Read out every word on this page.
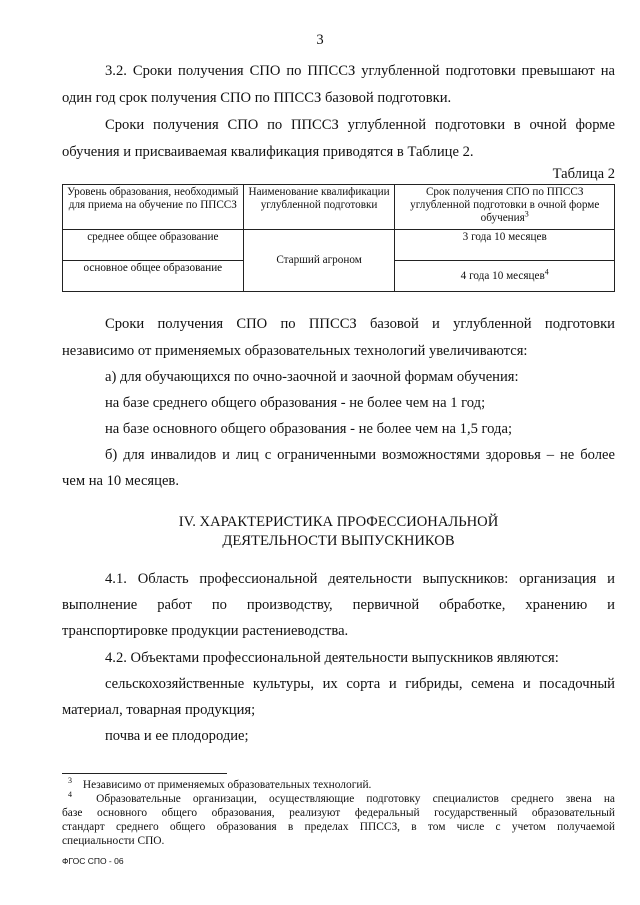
3
3.2. Сроки получения СПО по ППССЗ углубленной подготовки превышают на
один год срок получения СПО по ППССЗ базовой подготовки.
Сроки получения СПО по ППССЗ углубленной подготовки в очной форме
обучения и присваиваемая квалификация приводятся в Таблице 2.
Таблица 2
Уровень образования, необходимый для приема на обучение по ППССЗ	Наименование квалификации углубленной подготовки	Срок получения СПО по ППССЗ углубленной подготовки в очной форме обучения$^3$
среднее общее образование	Старший агроном	3 года 10 месяцев
основное общее образование		4 года 10 месяцев$^4$
Сроки получения СПО по ППССЗ базовой и углубленной подготовки
независимо от применяемых образовательных технологий увеличиваются:
а) для обучающихся по очно-заочной и заочной формам обучения:
на базе среднего общего образования - не более чем на 1 год;
на базе основного общего образования - не более чем на 1,5 года;
б) для инвалидов и лиц с ограниченными возможностями здоровья – не более
чем на 10 месяцев.
IV. ХАРАКТЕРИСТИКА ПРОФЕССИОНАЛЬНОЙ
ДЕЯТЕЛЬНОСТИ ВЫПУСКНИКОВ
4.1. Область профессиональной деятельности выпускников: организация и
выполнение работ по производству, первичной обработке, хранению и
транспортировке продукции растениеводства.
4.2. Объектами профессиональной деятельности выпускников являются:
сельскохозяйственные культуры, их сорта и гибриды, семена и посадочный
материал, товарная продукция;
почва и ее плодородие;
$^3$ Независимо от применяемых образовательных технологий.
$^4$ Образовательные организации, осуществляющие подготовку специалистов среднего звена на
базе основного общего образования, реализуют федеральный государственный образовательный
стандарт среднего общего образования в пределах ППССЗ, в том числе с учетом получаемой
специальности СПО.
ФГОС СПО - 06
